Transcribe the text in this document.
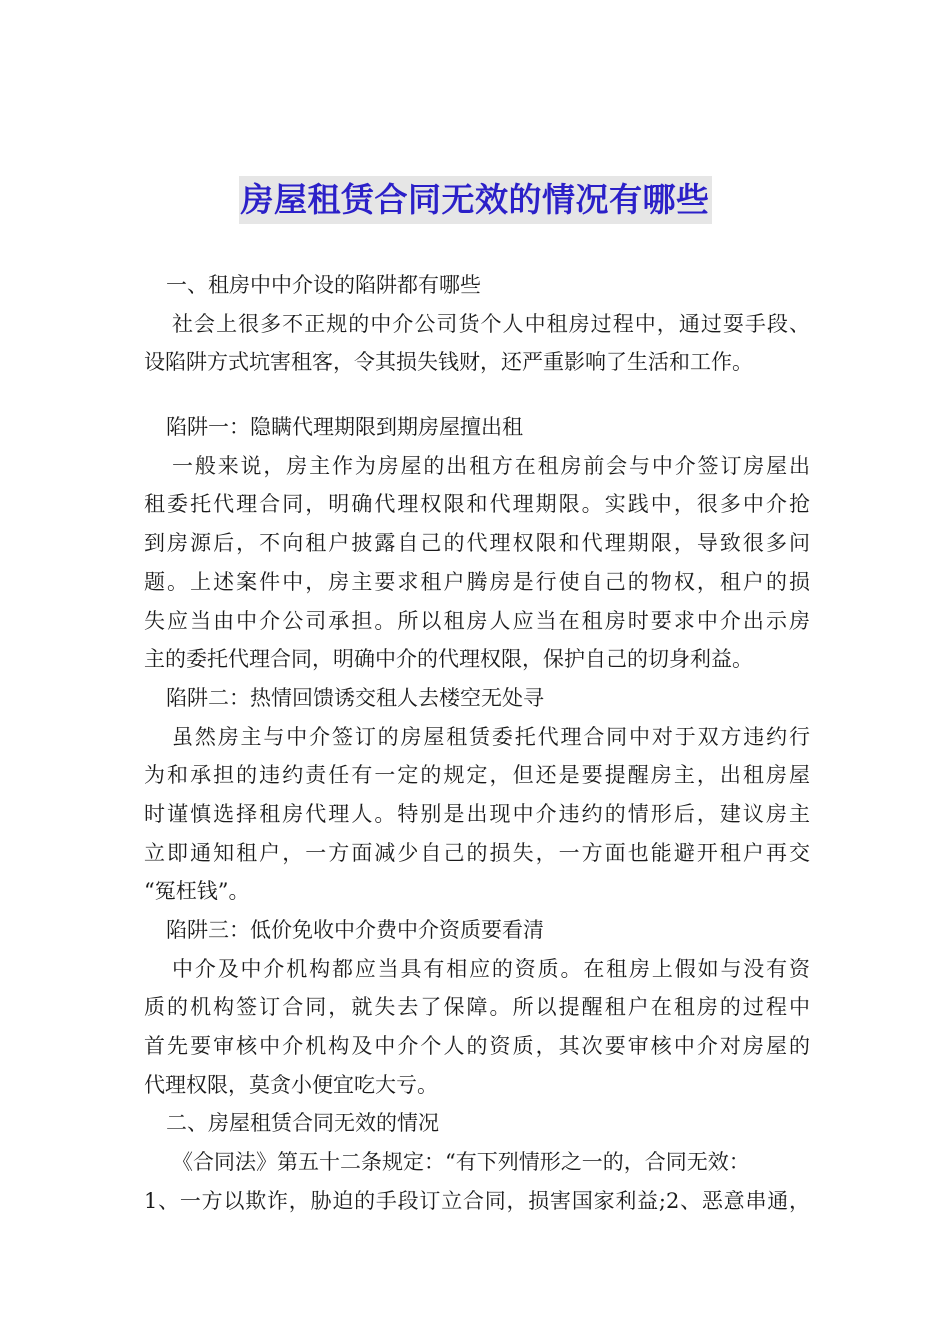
房屋租赁合同无效的情况有哪些
一、租房中中介设的陷阱都有哪些
社会上很多不正规的中介公司货个人中租房过程中，通过耍手段、
设陷阱方式坑害租客，令其损失钱财，还严重影响了生活和工作。
陷阱一：隐瞒代理期限到期房屋擅出租
一般来说，房主作为房屋的出租方在租房前会与中介签订房屋出
租委托代理合同，明确代理权限和代理期限。实践中，很多中介抢
到房源后，不向租户披露自己的代理权限和代理期限，导致很多问
题。上述案件中，房主要求租户腾房是行使自己的物权，租户的损
失应当由中介公司承担。所以租房人应当在租房时要求中介出示房
主的委托代理合同，明确中介的代理权限，保护自己的切身利益。
陷阱二：热情回馈诱交租人去楼空无处寻
虽然房主与中介签订的房屋租赁委托代理合同中对于双方违约行
为和承担的违约责任有一定的规定，但还是要提醒房主，出租房屋
时谨慎选择租房代理人。特别是出现中介违约的情形后，建议房主
立即通知租户，一方面减少自己的损失，一方面也能避开租户再交
“冤枉钱”。
陷阱三：低价免收中介费中介资质要看清
中介及中介机构都应当具有相应的资质。在租房上假如与没有资
质的机构签订合同，就失去了保障。所以提醒租户在租房的过程中
首先要审核中介机构及中介个人的资质，其次要审核中介对房屋的
代理权限，莫贪小便宜吃大亏。
二、房屋租赁合同无效的情况
《合同法》第五十二条规定：“有下列情形之一的，合同无效：
1、一方以欺诈，胁迫的手段订立合同，损害国家利益;2、恶意串通，
